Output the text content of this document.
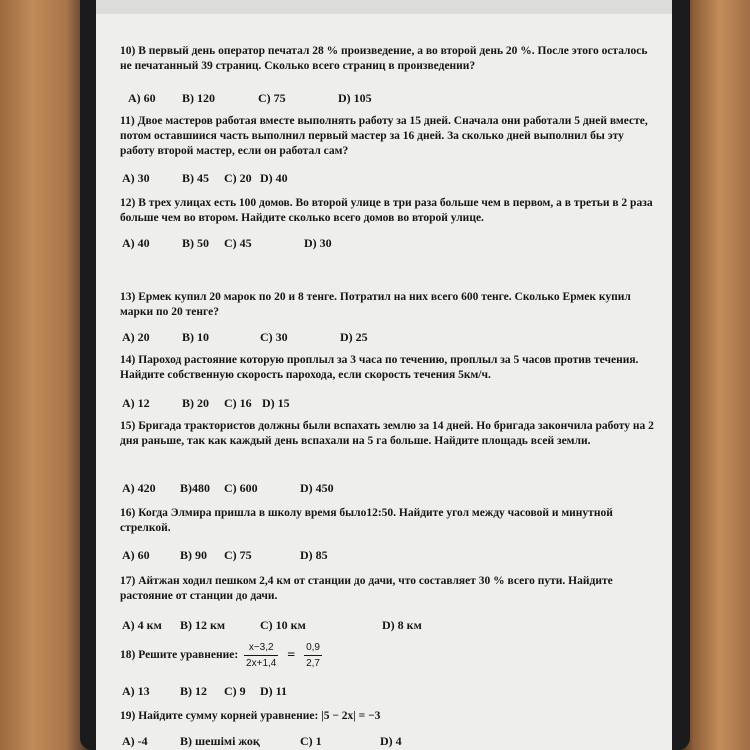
10) В первый день оператор печатал 28 % произведение, а во второй день 20 %. После этого осталось не печатанный 39 страниц. Сколько всего страниц в произведении?
А) 60 В) 120	С) 75	D) 105
11) Двое мастеров работая вместе выполнять работу за 15 дней. Сначала они работали 5 дней вместе, потом оставшиися часть выполнил первый мастер за 16 дней. За сколько дней выполнил бы эту работу второй мастер, если он работал сам?
А) 30	В) 45 С) 20 D) 40
12) В трех улицах есть 100 домов. Во второй улице в три раза больше чем в первом, а в третьи в 2 раза больше чем во втором. Найдите сколько всего домов во второй улице.
А) 40	В) 50 С) 45	D) 30
13) Ермек купил 20 марок по 20 и 8 тенге. Потратил на них всего 600 тенге. Сколько Ермек купил марки по 20 тенге?
А) 20	В) 10	С) 30	D) 25
14) Пароход растояние которую проплыл за 3 часа по течению, проплыл за 5 часов против течения. Найдите собственную скорость парохода, если скорость течения 5км/ч.
А) 12	В) 20 С) 16 D) 15
15) Бригада трактористов должны были вспахать землю за 14 дней. Но бригада закончила работу на 2 дня раньше, так как каждый день вспахали на 5 га больше. Найдите площадь всей земли.
А) 420 В)480 С) 600	D) 450
16) Когда Элмира пришла в школу время было12:50. Найдите угол между часовой и минутной стрелкой.
А) 60	В) 90 С) 75	D) 85
17) Айтжан ходил пешком 2,4 км от станции до дачи, что составляет 30 % всего пути. Найдите растояние от станции до дачи.
А) 4 км В) 12 км	С) 10 км	D) 8 км
18) Решите уравнение: $\frac{x-3,2}{2x+1,4} = \frac{0,9}{2,7}$
А) 13	В) 12 С) 9 D) 11
19) Найдите сумму корней уравнение: |5 − 2x| = −3
А) -4	В) шешімі жоқ	С) 1	D) 4
